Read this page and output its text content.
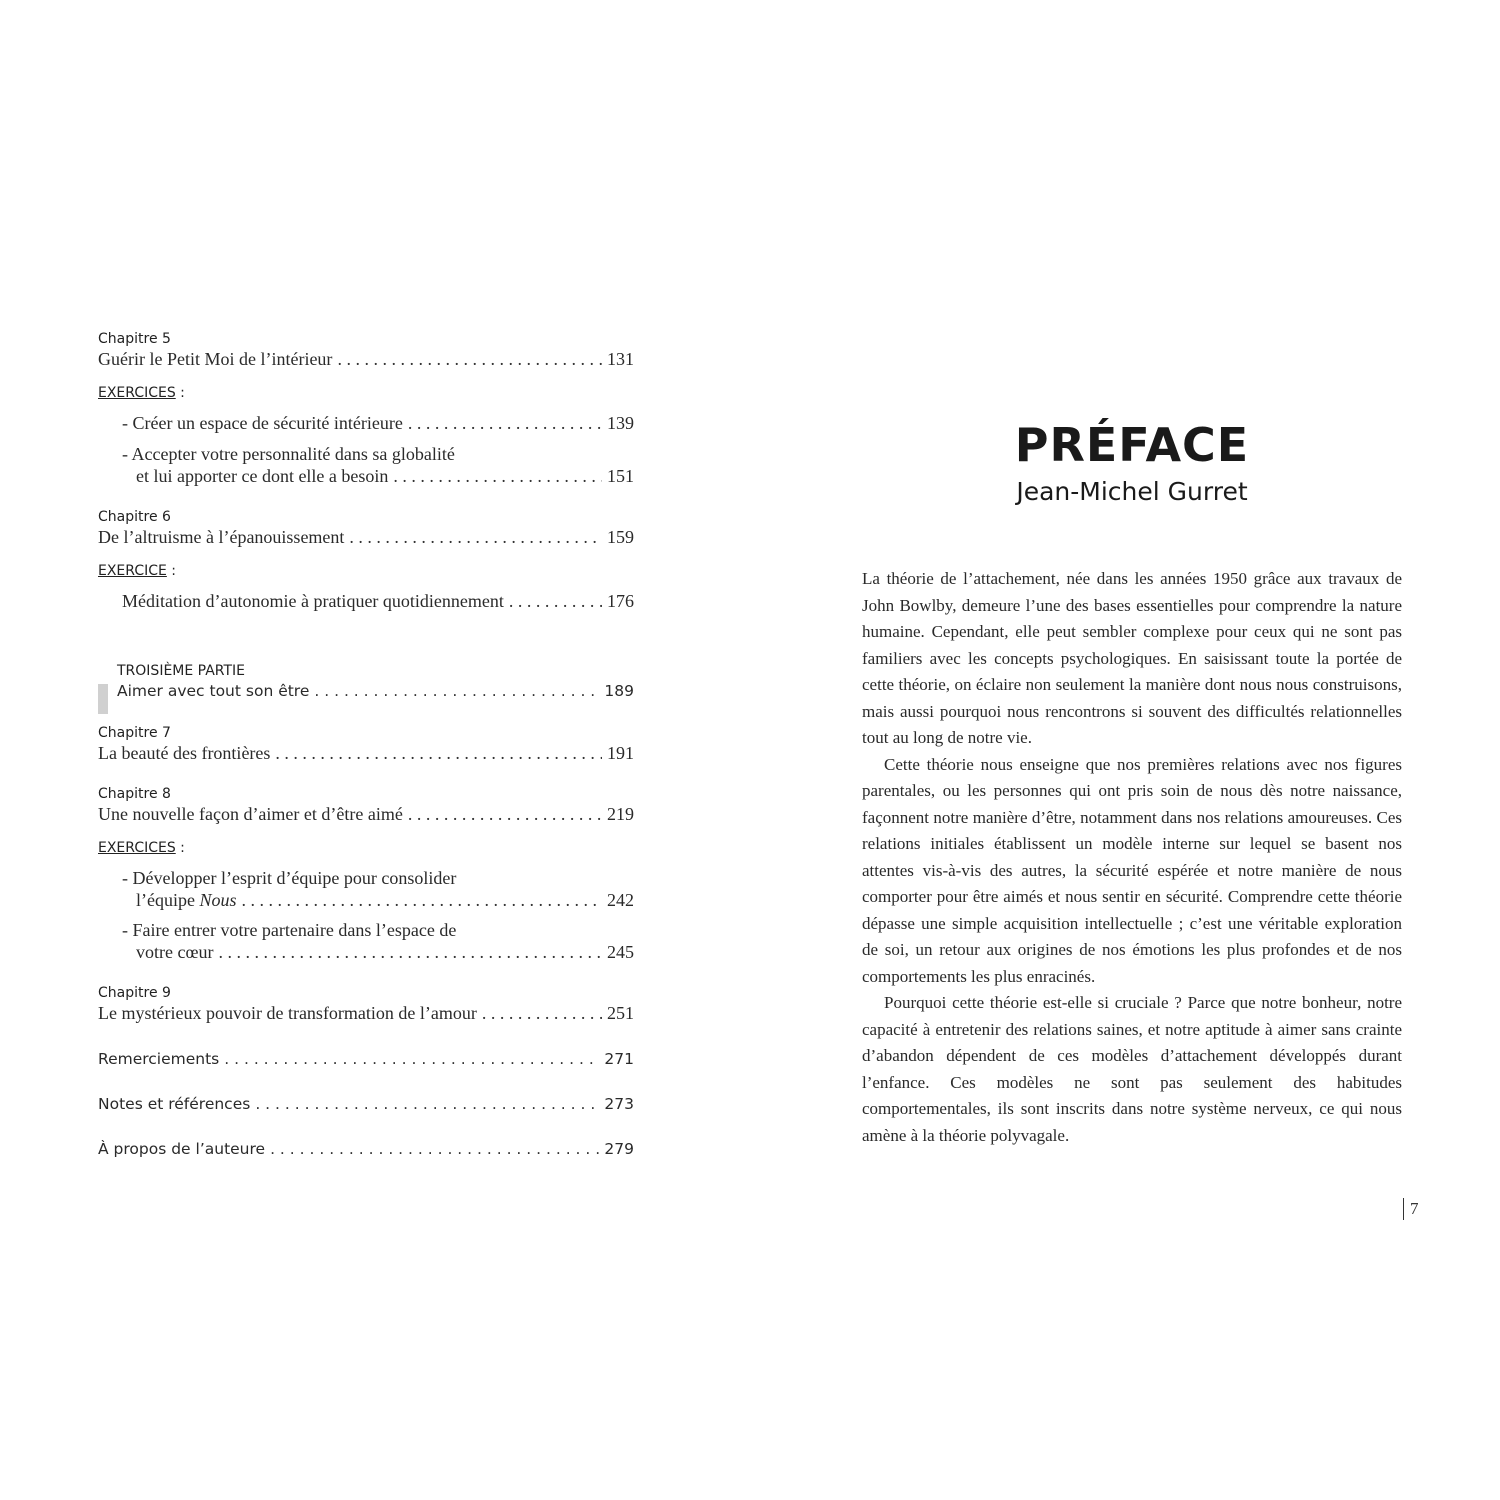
Chapitre 5
Guérir le Petit Moi de l’intérieur . . .	131
EXERCICES :
- Créer un espace de sécurité intérieure . . .	139
- Accepter votre personnalité dans sa globalité
et lui apporter ce dont elle a besoin . . .	151
Chapitre 6
De l’altruisme à l’épanouissement . . .	159
EXERCICE :
Méditation d’autonomie à pratiquer quotidiennement . . .	176
TROISIÈME PARTIE
Aimer avec tout son être . . .	189
Chapitre 7
La beauté des frontières . . .	191
Chapitre 8
Une nouvelle façon d’aimer et d’être aimé . . .	219
EXERCICES :
- Développer l’esprit d’équipe pour consolider
l’équipe Nous . . .	242
- Faire entrer votre partenaire dans l’espace de
votre cœur . . .	245
Chapitre 9
Le mystérieux pouvoir de transformation de l’amour . . .	251
Remerciements . . .	271
Notes et références . . .	273
À propos de l’auteure . . .	279
PRÉFACE
Jean-Michel Gurret

La théorie de l’attachement, née dans les années 1950 grâce aux travaux de John Bowlby, demeure l’une des bases essentielles pour comprendre la nature humaine. Cependant, elle peut sembler complexe pour ceux qui ne sont pas familiers avec les concepts psychologiques. En saisissant toute la portée de cette théorie, on éclaire non seulement la manière dont nous nous construisons, mais aussi pourquoi nous rencontrons si souvent des difficultés relationnelles tout au long de notre vie.

Cette théorie nous enseigne que nos premières relations avec nos figures parentales, ou les personnes qui ont pris soin de nous dès notre naissance, façonnent notre manière d’être, notamment dans nos relations amoureuses. Ces relations initiales établissent un modèle interne sur lequel se basent nos attentes vis-à-vis des autres, la sécurité espérée et notre manière de nous comporter pour être aimés et nous sentir en sécurité. Comprendre cette théorie dépasse une simple acquisition intellectuelle ; c’est une véritable exploration de soi, un retour aux origines de nos émotions les plus profondes et de nos comportements les plus enracinés.

Pourquoi cette théorie est-elle si cruciale ? Parce que notre bonheur, notre capacité à entretenir des relations saines, et notre aptitude à aimer sans crainte d’abandon dépendent de ces modèles d’attachement développés durant l’enfance. Ces modèles ne sont pas seulement des habitudes comportementales, ils sont inscrits dans notre système nerveux, ce qui nous amène à la théorie polyvagale.

7
